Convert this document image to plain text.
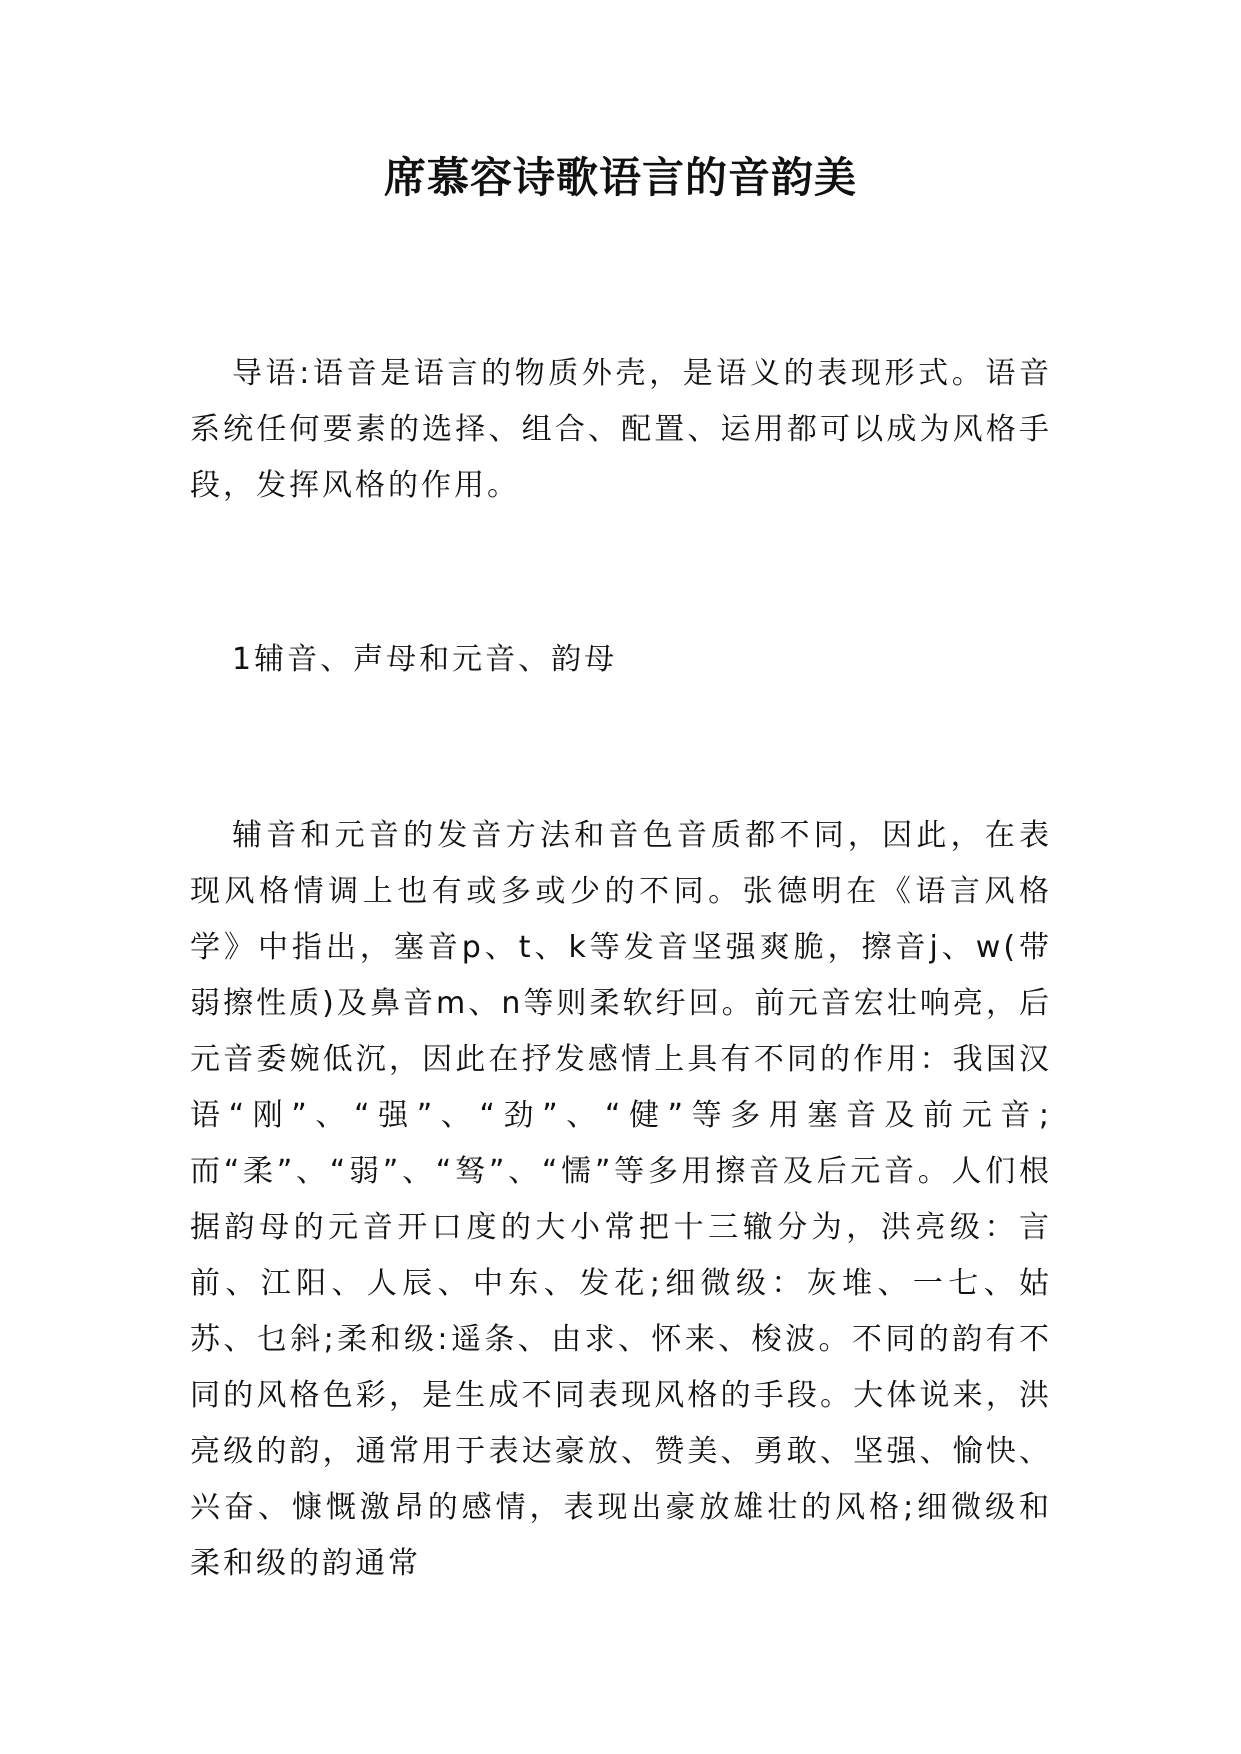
席慕容诗歌语言的音韵美

导语:语音是语言的物质外壳，是语义的表现形式。语音系统任何要素的选择、组合、配置、运用都可以成为风格手段，发挥风格的作用。

1辅音、声母和元音、韵母

辅音和元音的发音方法和音色音质都不同，因此，在表现风格情调上也有或多或少的不同。张德明在《语言风格学》中指出，塞音p、t、k等发音坚强爽脆，擦音j、w(带弱擦性质)及鼻音m、n等则柔软纡回。前元音宏壮响亮，后元音委婉低沉，因此在抒发感情上具有不同的作用：我国汉语“刚”、“强”、“劲”、“健”等多用塞音及前元音;而“柔”、“弱”、“驽”、“懦”等多用擦音及后元音。人们根据韵母的元音开口度的大小常把十三辙分为，洪亮级：言前、江阳、人辰、中东、发花;细微级：灰堆、一七、姑苏、乜斜;柔和级:遥条、由求、怀来、梭波。不同的韵有不同的风格色彩，是生成不同表现风格的手段。大体说来，洪亮级的韵，通常用于表达豪放、赞美、勇敢、坚强、愉快、兴奋、慷慨激昂的感情，表现出豪放雄壮的风格;细微级和柔和级的韵通常
